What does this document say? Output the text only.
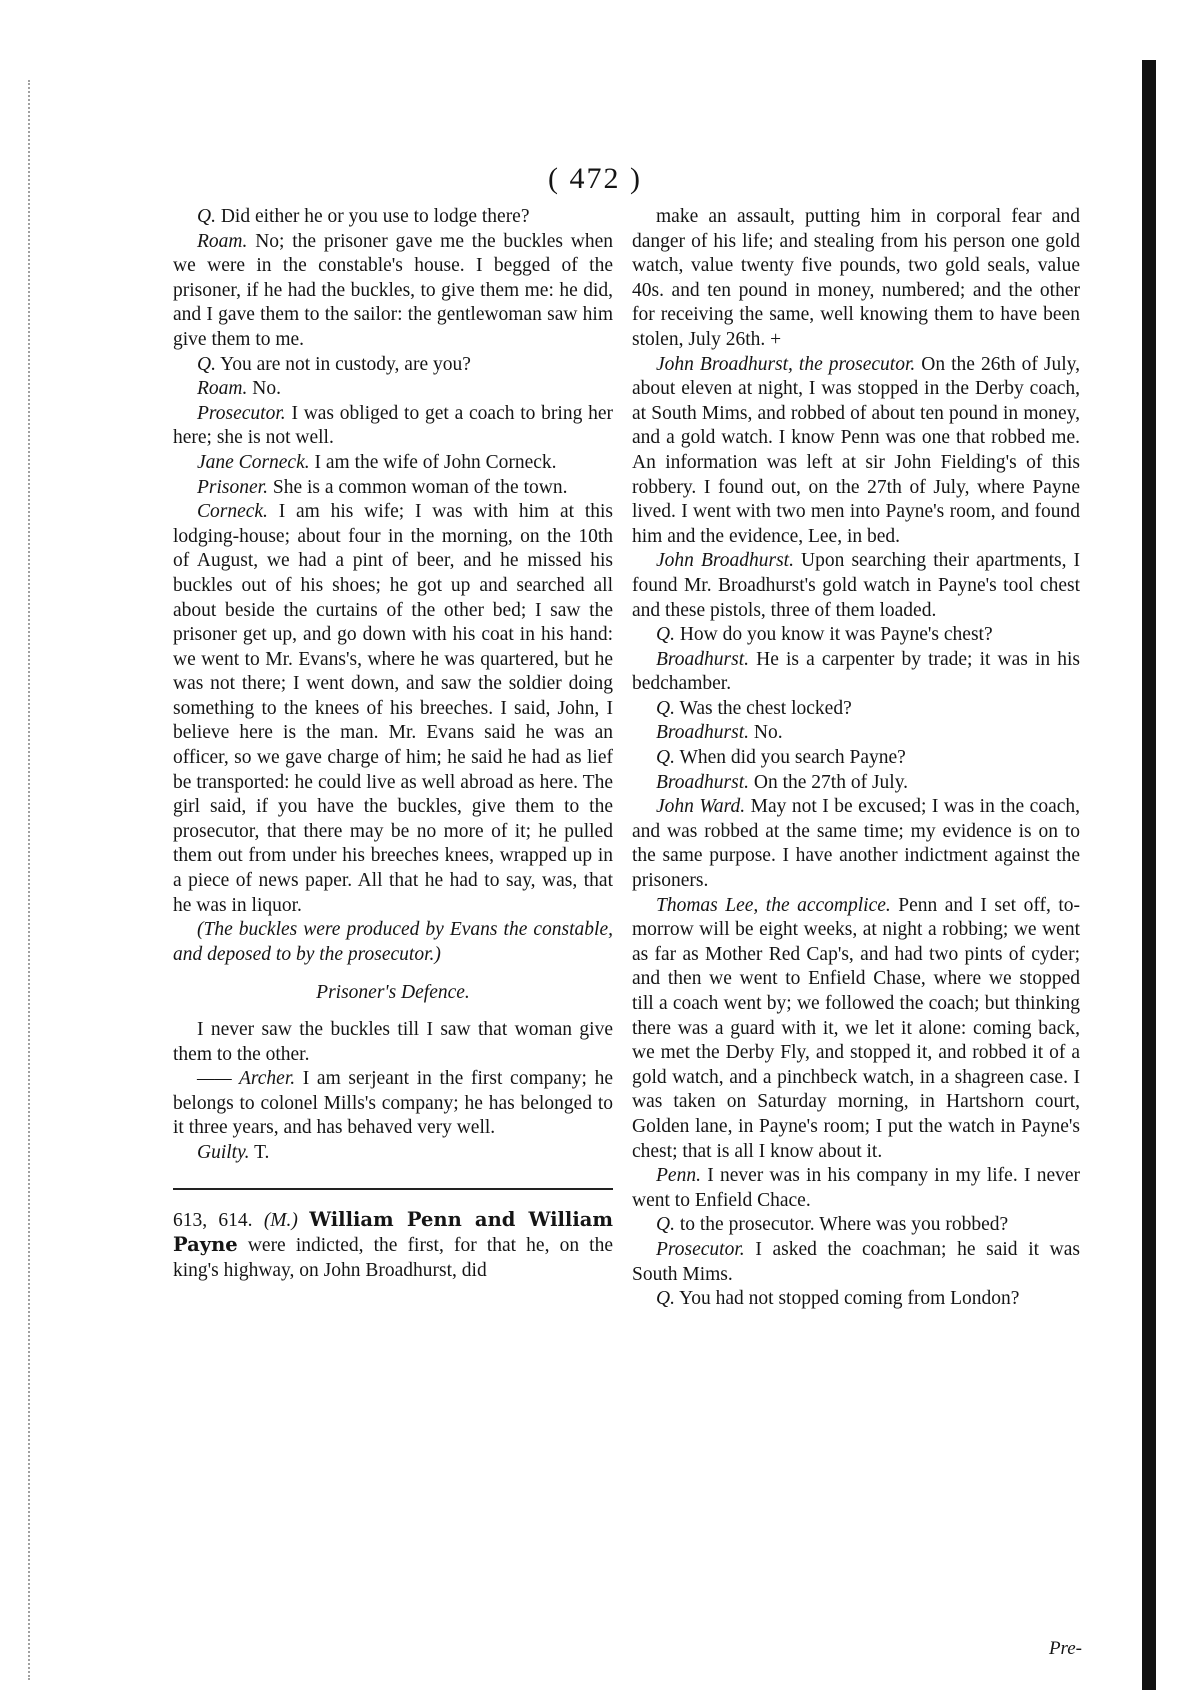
( 472 )

Q. Did either he or you use to lodge there?

Roam. No; the prisoner gave me the buckles when we were in the constable's house. I begged of the prisoner, if he had the buckles, to give them me: he did, and I gave them to the sailor: the gentlewoman saw him give them to me.

Q. You are not in custody, are you?

Roam. No.

Prosecutor. I was obliged to get a coach to bring her here; she is not well.

Jane Corneck. I am the wife of John Corneck.

Prisoner. She is a common woman of the town.

Corneck. I am his wife; I was with him at this lodging-house; about four in the morning, on the 10th of August, we had a pint of beer, and he missed his buckles out of his shoes; he got up and searched all about beside the curtains of the other bed; I saw the prisoner get up, and go down with his coat in his hand: we went to Mr. Evans's, where he was quartered, but he was not there; I went down, and saw the soldier doing something to the knees of his breeches. I said, John, I believe here is the man. Mr. Evans said he was an officer, so we gave charge of him; he said he had as lief be transported: he could live as well abroad as here. The girl said, if you have the buckles, give them to the prosecutor, that there may be no more of it; he pulled them out from under his breeches knees, wrapped up in a piece of news paper. All that he had to say, was, that he was in liquor.

(The buckles were produced by Evans the constable, and deposed to by the prosecutor.)

Prisoner's Defence.

I never saw the buckles till I saw that woman give them to the other.

—— Archer. I am serjeant in the first company; he belongs to colonel Mills's company; he has belonged to it three years, and has behaved very well.

Guilty. T.

613, 614. (M.) William Penn and William Payne were indicted, the first, for that he, on the king's highway, on John Broadhurst, did

make an assault, putting him in corporal fear and danger of his life; and stealing from his person one gold watch, value twenty five pounds, two gold seals, value 40s. and ten pound in money, numbered; and the other for receiving the same, well knowing them to have been stolen, July 26th. +

John Broadhurst, the prosecutor. On the 26th of July, about eleven at night, I was stopped in the Derby coach, at South Mims, and robbed of about ten pound in money, and a gold watch. I know Penn was one that robbed me. An information was left at sir John Fielding's of this robbery. I found out, on the 27th of July, where Payne lived. I went with two men into Payne's room, and found him and the evidence, Lee, in bed.

John Broadhurst. Upon searching their apartments, I found Mr. Broadhurst's gold watch in Payne's tool chest and these pistols, three of them loaded.

Q. How do you know it was Payne's chest?

Broadhurst. He is a carpenter by trade; it was in his bedchamber.

Q. Was the chest locked?

Broadhurst. No.

Q. When did you search Payne?

Broadhurst. On the 27th of July.

John Ward. May not I be excused; I was in the coach, and was robbed at the same time; my evidence is on to the same purpose. I have another indictment against the prisoners.

Thomas Lee, the accomplice. Penn and I set off, to-morrow will be eight weeks, at night a robbing; we went as far as Mother Red Cap's, and had two pints of cyder; and then we went to Enfield Chase, where we stopped till a coach went by; we followed the coach; but thinking there was a guard with it, we let it alone: coming back, we met the Derby Fly, and stopped it, and robbed it of a gold watch, and a pinchbeck watch, in a shagreen case. I was taken on Saturday morning, in Hartshorn court, Golden lane, in Payne's room; I put the watch in Payne's chest; that is all I know about it.

Penn. I never was in his company in my life. I never went to Enfield Chace.

Q. to the prosecutor. Where was you robbed?

Prosecutor. I asked the coachman; he said it was South Mims.

Q. You had not stopped coming from London?

Pre-
